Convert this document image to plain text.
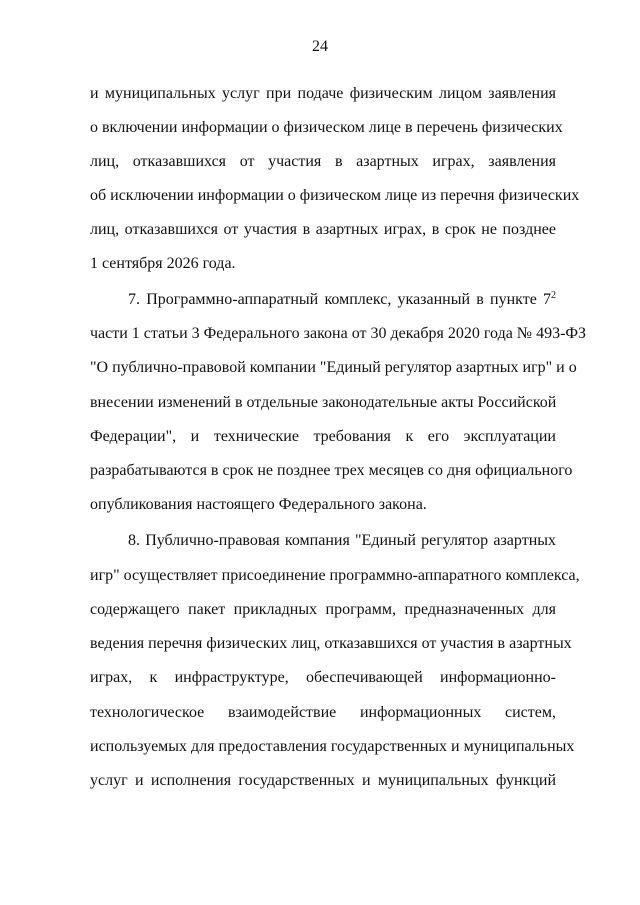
24
и муниципальных услуг при подаче физическим лицом заявления
о включении информации о физическом лице в перечень физических
лиц, отказавшихся от участия в азартных играх, заявления
об исключении информации о физическом лице из перечня физических
лиц, отказавшихся от участия в азартных играх, в срок не позднее
1 сентября 2026 года.
7. Программно-аппаратный комплекс, указанный в пункте $7^2$
части 1 статьи 3 Федерального закона от 30 декабря 2020 года № 493-ФЗ
"О публично-правовой компании "Единый регулятор азартных игр" и о
внесении изменений в отдельные законодательные акты Российской
Федерации", и технические требования к его эксплуатации
разрабатываются в срок не позднее трех месяцев со дня официального
опубликования настоящего Федерального закона.
8. Публично-правовая компания "Единый регулятор азартных
игр" осуществляет присоединение программно-аппаратного комплекса,
содержащего пакет прикладных программ, предназначенных для
ведения перечня физических лиц, отказавшихся от участия в азартных
играх, к инфраструктуре, обеспечивающей информационно-
технологическое взаимодействие информационных систем,
используемых для предоставления государственных и муниципальных
услуг и исполнения государственных и муниципальных функций
